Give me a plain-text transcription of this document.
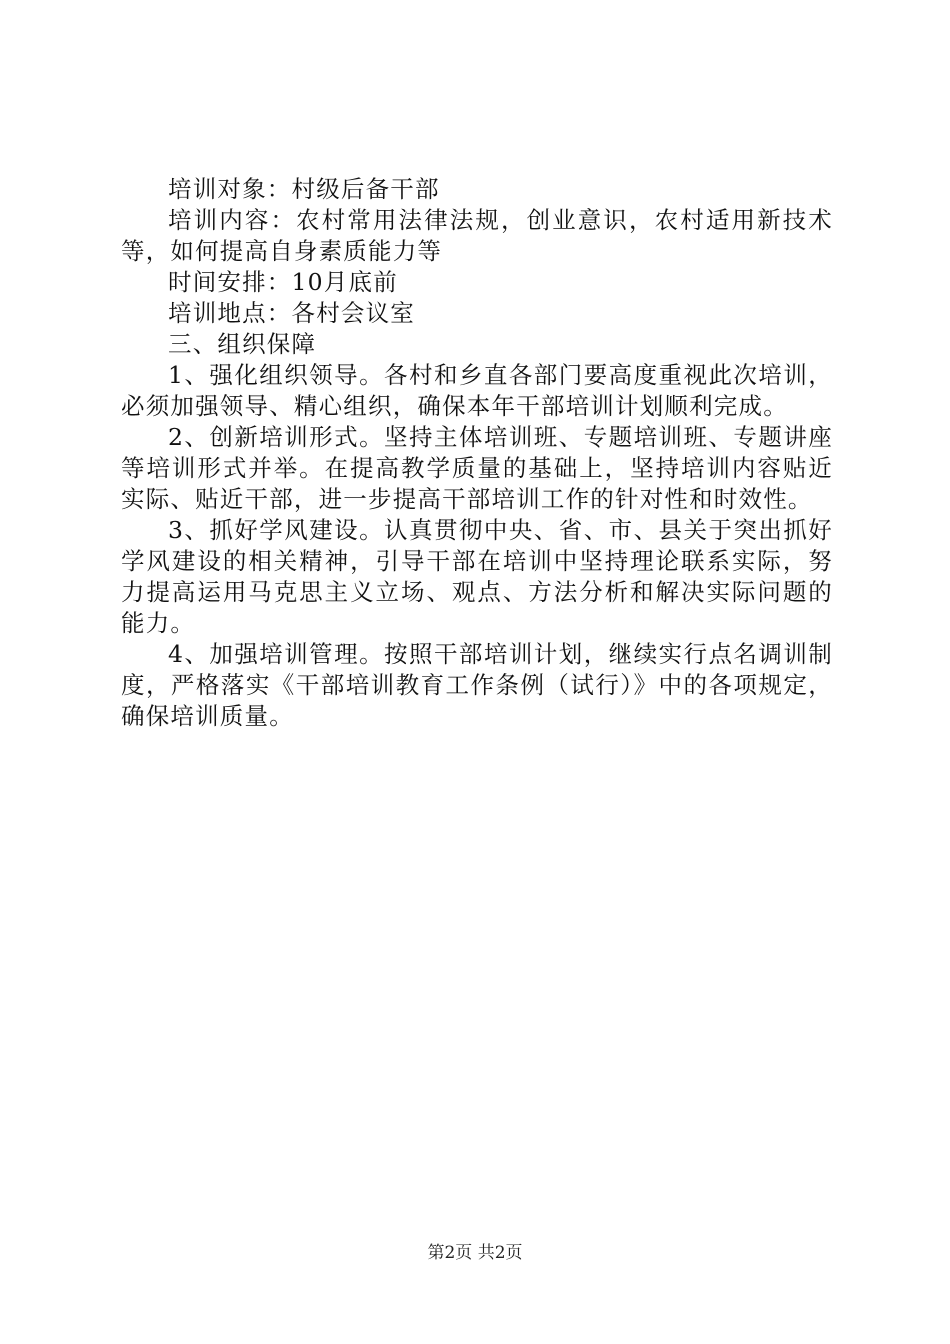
培训对象：村级后备干部

培训内容：农村常用法律法规，创业意识，农村适用新技术等，如何提高自身素质能力等

时间安排：10月底前

培训地点：各村会议室

三、组织保障

1、强化组织领导。各村和乡直各部门要高度重视此次培训，必须加强领导、精心组织，确保本年干部培训计划顺利完成。

2、创新培训形式。坚持主体培训班、专题培训班、专题讲座等培训形式并举。在提高教学质量的基础上，坚持培训内容贴近实际、贴近干部，进一步提高干部培训工作的针对性和时效性。

3、抓好学风建设。认真贯彻中央、省、市、县关于突出抓好学风建设的相关精神，引导干部在培训中坚持理论联系实际，努力提高运用马克思主义立场、观点、方法分析和解决实际问题的能力。

4、加强培训管理。按照干部培训计划，继续实行点名调训制度，严格落实《干部培训教育工作条例（试行）》中的各项规定，确保培训质量。

第2页 共2页
